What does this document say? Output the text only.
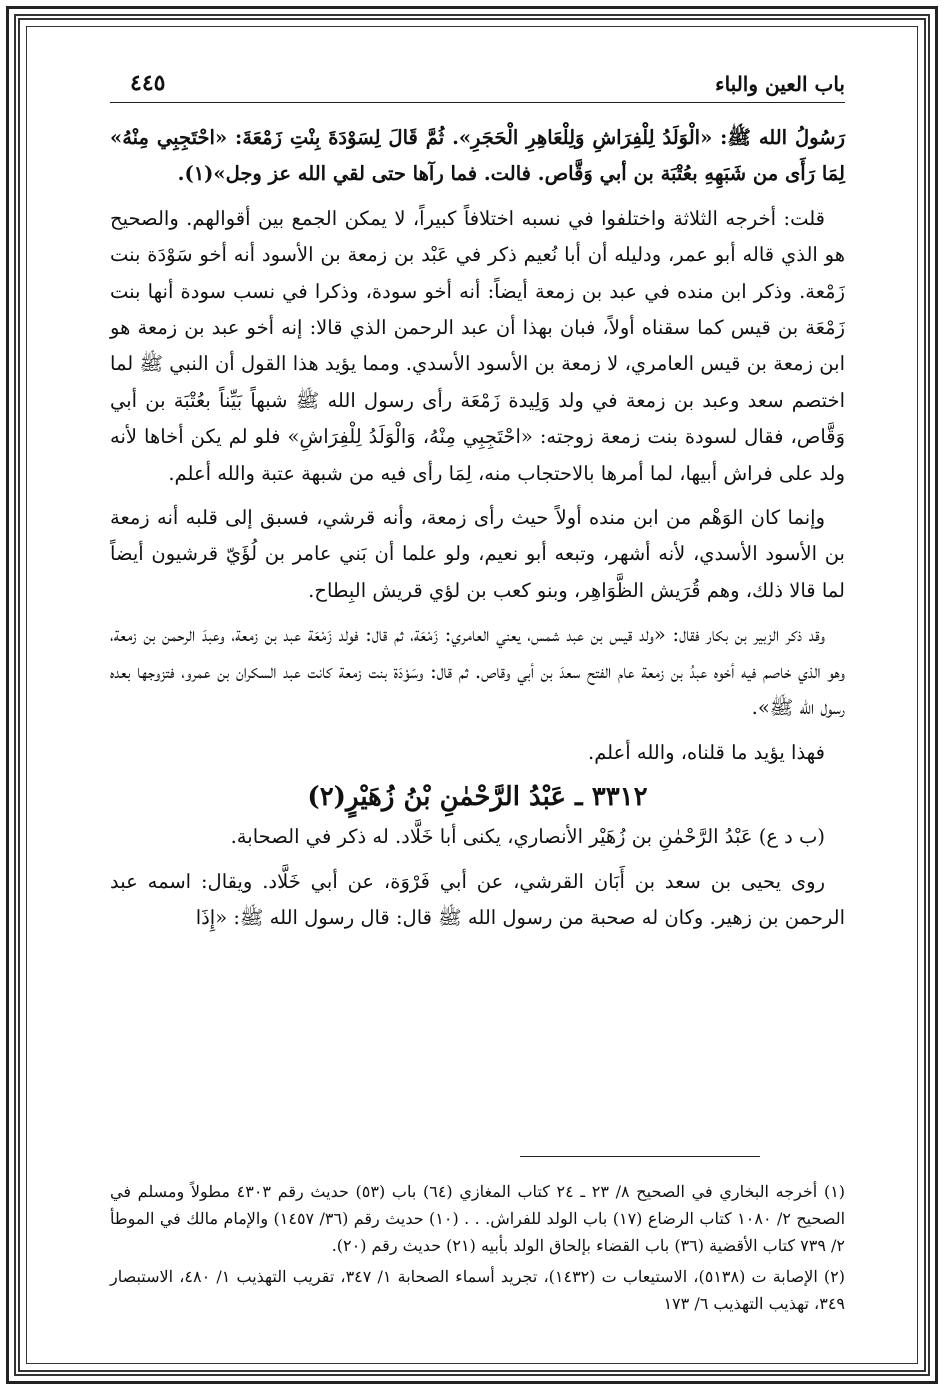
باب العين والباء
٤٤٥

رَسُولُ الله ﷺ: «الْوَلَدُ لِلْفِرَاشِ وَلِلْعَاهِرِ الْحَجَرِ». ثُمَّ قَالَ لِسَوْدَةَ بِنْتِ زَمْعَةَ: «احْتَجِبِي مِنْهُ» لِمَا رَأَى من شَبَهِهِ بعُتْبَة بن أبي وَقَّاص. فالت. فما رآها حتى لقي الله عز وجل»(١).

قلت: أخرجه الثلاثة واختلفوا في نسبه اختلافاً كبيراً، لا يمكن الجمع بين أقوالهم. والصحيح هو الذي قاله أبو عمر، ودليله أن أبا نُعيم ذكر في عَبْد بن زمعة بن الأسود أنه أخو سَوْدَة بنت زَمْعة. وذكر ابن منده في عبد بن زمعة أيضاً: أنه أخو سودة، وذكرا في نسب سودة أنها بنت زَمْعَة بن قيس كما سقناه أولاً، فبان بهذا أن عبد الرحمن الذي قالا: إنه أخو عبد بن زمعة هو ابن زمعة بن قيس العامري، لا زمعة بن الأسود الأسدي. ومما يؤيد هذا القول أن النبي ﷺ لما اختصم سعد وعبد بن زمعة في ولد وَلِيدة زَمْعَة رأى رسول الله ﷺ شبهاً بَيِّناً بعُتْبَة بن أبي وَقَّاص، فقال لسودة بنت زمعة زوجته: «احْتَجِبِي مِنْهُ، وَالْوَلَدُ لِلْفِرَاشِ» فلو لم يكن أخاها لأنه ولد على فراش أبيها، لما أمرها بالاحتجاب منه، لِمَا رأى فيه من شبهة عتبة والله أعلم.

وإنما كان الوَهْم من ابن منده أولاً حيث رأى زمعة، وأنه قرشي، فسبق إلى قلبه أنه زمعة بن الأسود الأسدي، لأنه أشهر، وتبعه أبو نعيم، ولو علما أن بَني عامر بن لُؤَيّ قرشيون أيضاً لما قالا ذلك، وهم قُرَيش الظَّوَاهِر، وبنو كعب بن لؤي قريش البِطاح.

وقد ذكر الزبير بن بكار فقال: «ولد قيس بن عبد شمس، يعني العامري: زَمْعَة، ثم قال: فولد زَمْعَة عبد بن زمعة، وعبدَ الرحمن بن زمعة، وهو الذي خاصم فيه أخوه عبدُ بن زمعة عام الفتح سعدَ بن أبي وقاص. ثم قال: وسَوْدَة بنت زمعة كانت عبد السكران بن عمرو، فتزوجها بعده رسول الله ﷺ».

فهذا يؤيد ما قلناه، والله أعلم.

٣٣١٢ ـ عَبْدُ الرَّحْمٰنِ بْنُ زُهَيْرٍ(٢)

(ب د ع) عَبْدُ الرَّحْمٰنِ بن زُهَيْر الأنصاري، يكنى أبا خَلَّاد. له ذكر في الصحابة.

روى يحيى بن سعد بن أَبَان القرشي، عن أبي فَرْوَة، عن أبي خَلَّاد. ويقال: اسمه عبد الرحمن بن زهير. وكان له صحبة من رسول الله ﷺ قال: قال رسول الله ﷺ: «إِذَا

(١) أخرجه البخاري في الصحيح ٨/ ٢٣ ـ ٢٤ كتاب المغازي (٦٤) باب (٥٣) حديث رقم ٤٣٠٣ مطولاً ومسلم في الصحيح ٢/ ١٠٨٠ كتاب الرضاع (١٧) باب الولد للفراش. . . (١٠) حديث رقم (٣٦/ ١٤٥٧) والإمام مالك في الموطأ ٢/ ٧٣٩ كتاب الأقضية (٣٦) باب القضاء بإلحاق الولد بأبيه (٢١) حديث رقم (٢٠).

(٢) الإصابة ت (٥١٣٨)، الاستيعاب ت (١٤٣٢)، تجريد أسماء الصحابة ١/ ٣٤٧، تقريب التهذيب ١/ ٤٨٠، الاستبصار ٣٤٩، تهذيب التهذيب ٦/ ١٧٣
